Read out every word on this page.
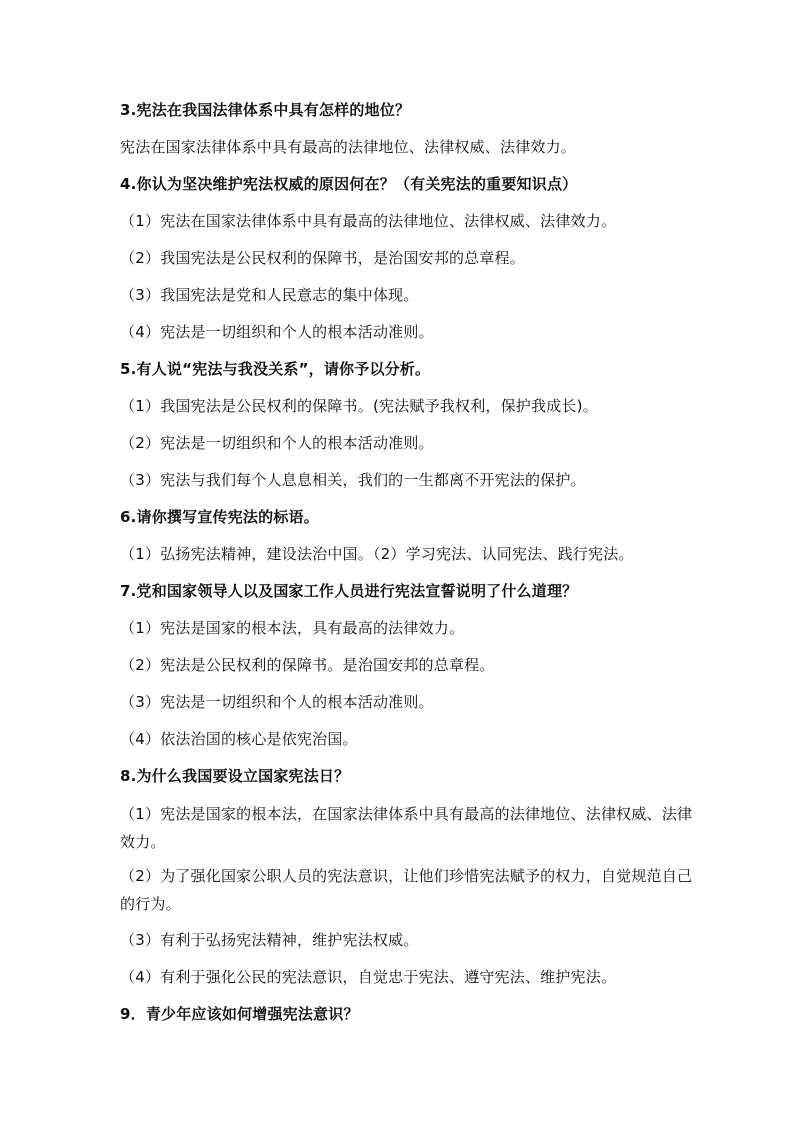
3.宪法在我国法律体系中具有怎样的地位？
宪法在国家法律体系中具有最高的法律地位、法律权威、法律效力。
4.你认为坚决维护宪法权威的原因何在？（有关宪法的重要知识点）
（1）宪法在国家法律体系中具有最高的法律地位、法律权威、法律效力。
（2）我国宪法是公民权利的保障书，是治国安邦的总章程。
（3）我国宪法是党和人民意志的集中体现。
（4）宪法是一切组织和个人的根本活动准则。
5.有人说“宪法与我没关系”，请你予以分析。
（1）我国宪法是公民权利的保障书。(宪法赋予我权利，保护我成长)。
（2）宪法是一切组织和个人的根本活动准则。
（3）宪法与我们每个人息息相关，我们的一生都离不开宪法的保护。
6.请你撰写宣传宪法的标语。
（1）弘扬宪法精神，建设法治中国。（2）学习宪法、认同宪法、践行宪法。
7.党和国家领导人以及国家工作人员进行宪法宣誓说明了什么道理？
（1）宪法是国家的根本法，具有最高的法律效力。
（2）宪法是公民权利的保障书。是治国安邦的总章程。
（3）宪法是一切组织和个人的根本活动准则。
（4）依法治国的核心是依宪治国。
8.为什么我国要设立国家宪法日？
（1）宪法是国家的根本法，在国家法律体系中具有最高的法律地位、法律权威、法律效力。
（2）为了强化国家公职人员的宪法意识，让他们珍惜宪法赋予的权力，自觉规范自己的行为。
（3）有利于弘扬宪法精神，维护宪法权威。
（4）有利于强化公民的宪法意识，自觉忠于宪法、遵守宪法、维护宪法。
9．青少年应该如何增强宪法意识？
